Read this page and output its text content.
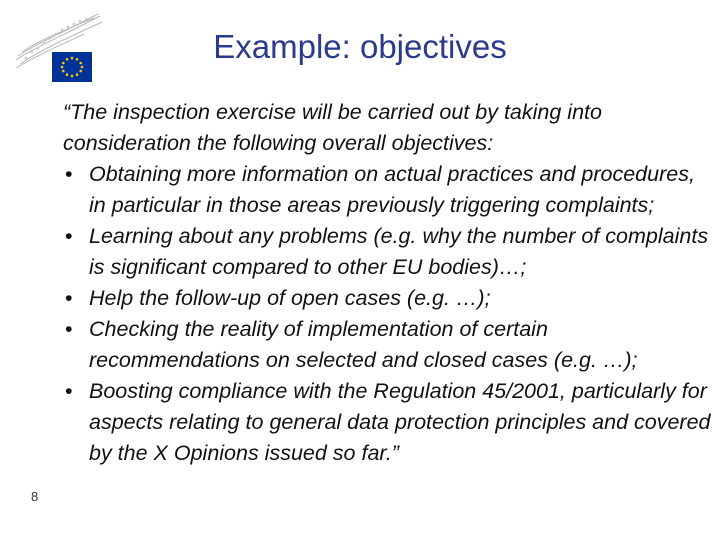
Example: objectives

“The inspection exercise will be carried out by taking into consideration the following overall objectives:

• Obtaining more information on actual practices and procedures, in particular in those areas previously triggering complaints;
• Learning about any problems (e.g. why the number of complaints is significant compared to other EU bodies)…;
• Help the follow-up of open cases (e.g. …);
• Checking the reality of implementation of certain recommendations on selected and closed cases (e.g. …);
• Boosting compliance with the Regulation 45/2001, particularly for aspects relating to general data protection principles and covered by the X Opinions issued so far.”
8
